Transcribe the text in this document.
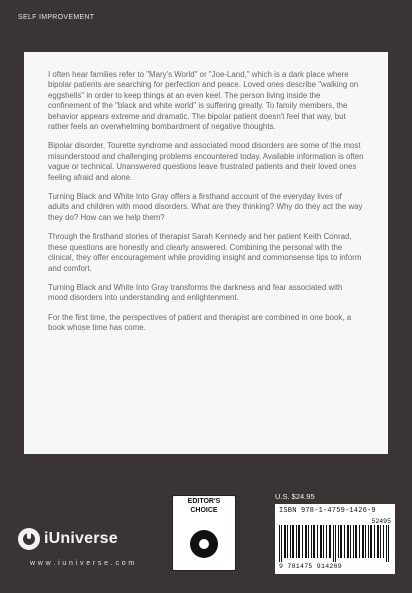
SELF IMPROVEMENT

I often hear families refer to "Mary's World" or "Joe-Land," which is a dark place where bipolar patients are searching for perfection and peace. Loved ones describe "walking on eggshells" in order to keep things at an even keel. The person living inside the confinement of the "black and white world" is suffering greatly. To family members, the behavior appears extreme and dramatic. The bipolar patient doesn't feel that way, but rather feels an overwhelming bombardment of negative thoughts.

Bipolar disorder, Tourette syndrome and associated mood disorders are some of the most misunderstood and challenging problems encountered today. Available information is often vague or technical. Unanswered questions leave frustrated patients and their loved ones feeling afraid and alone.

Turning Black and White Into Gray offers a firsthand account of the everyday lives of adults and children with mood disorders. What are they thinking? Why do they act the way they do? How can we help them?

Through the firsthand stories of therapist Sarah Kennedy and her patient Keith Conrad, these questions are honestly and clearly answered. Combining the personal with the clinical, they offer encouragement while providing insight and commonsense tips to inform and comfort.

Turning Black and White Into Gray transforms the darkness and fear associated with mood disorders into understanding and enlightenment.

For the first time, the perspectives of patient and therapist are combined in one book, a book whose time has come.

iUniverse
w w w . i u n i v e r s e . c o m
EDITOR'S
CHOICE
U.S. $24.95
ISBN 978-1-4759-1426-9
52495
9 781475 914269
